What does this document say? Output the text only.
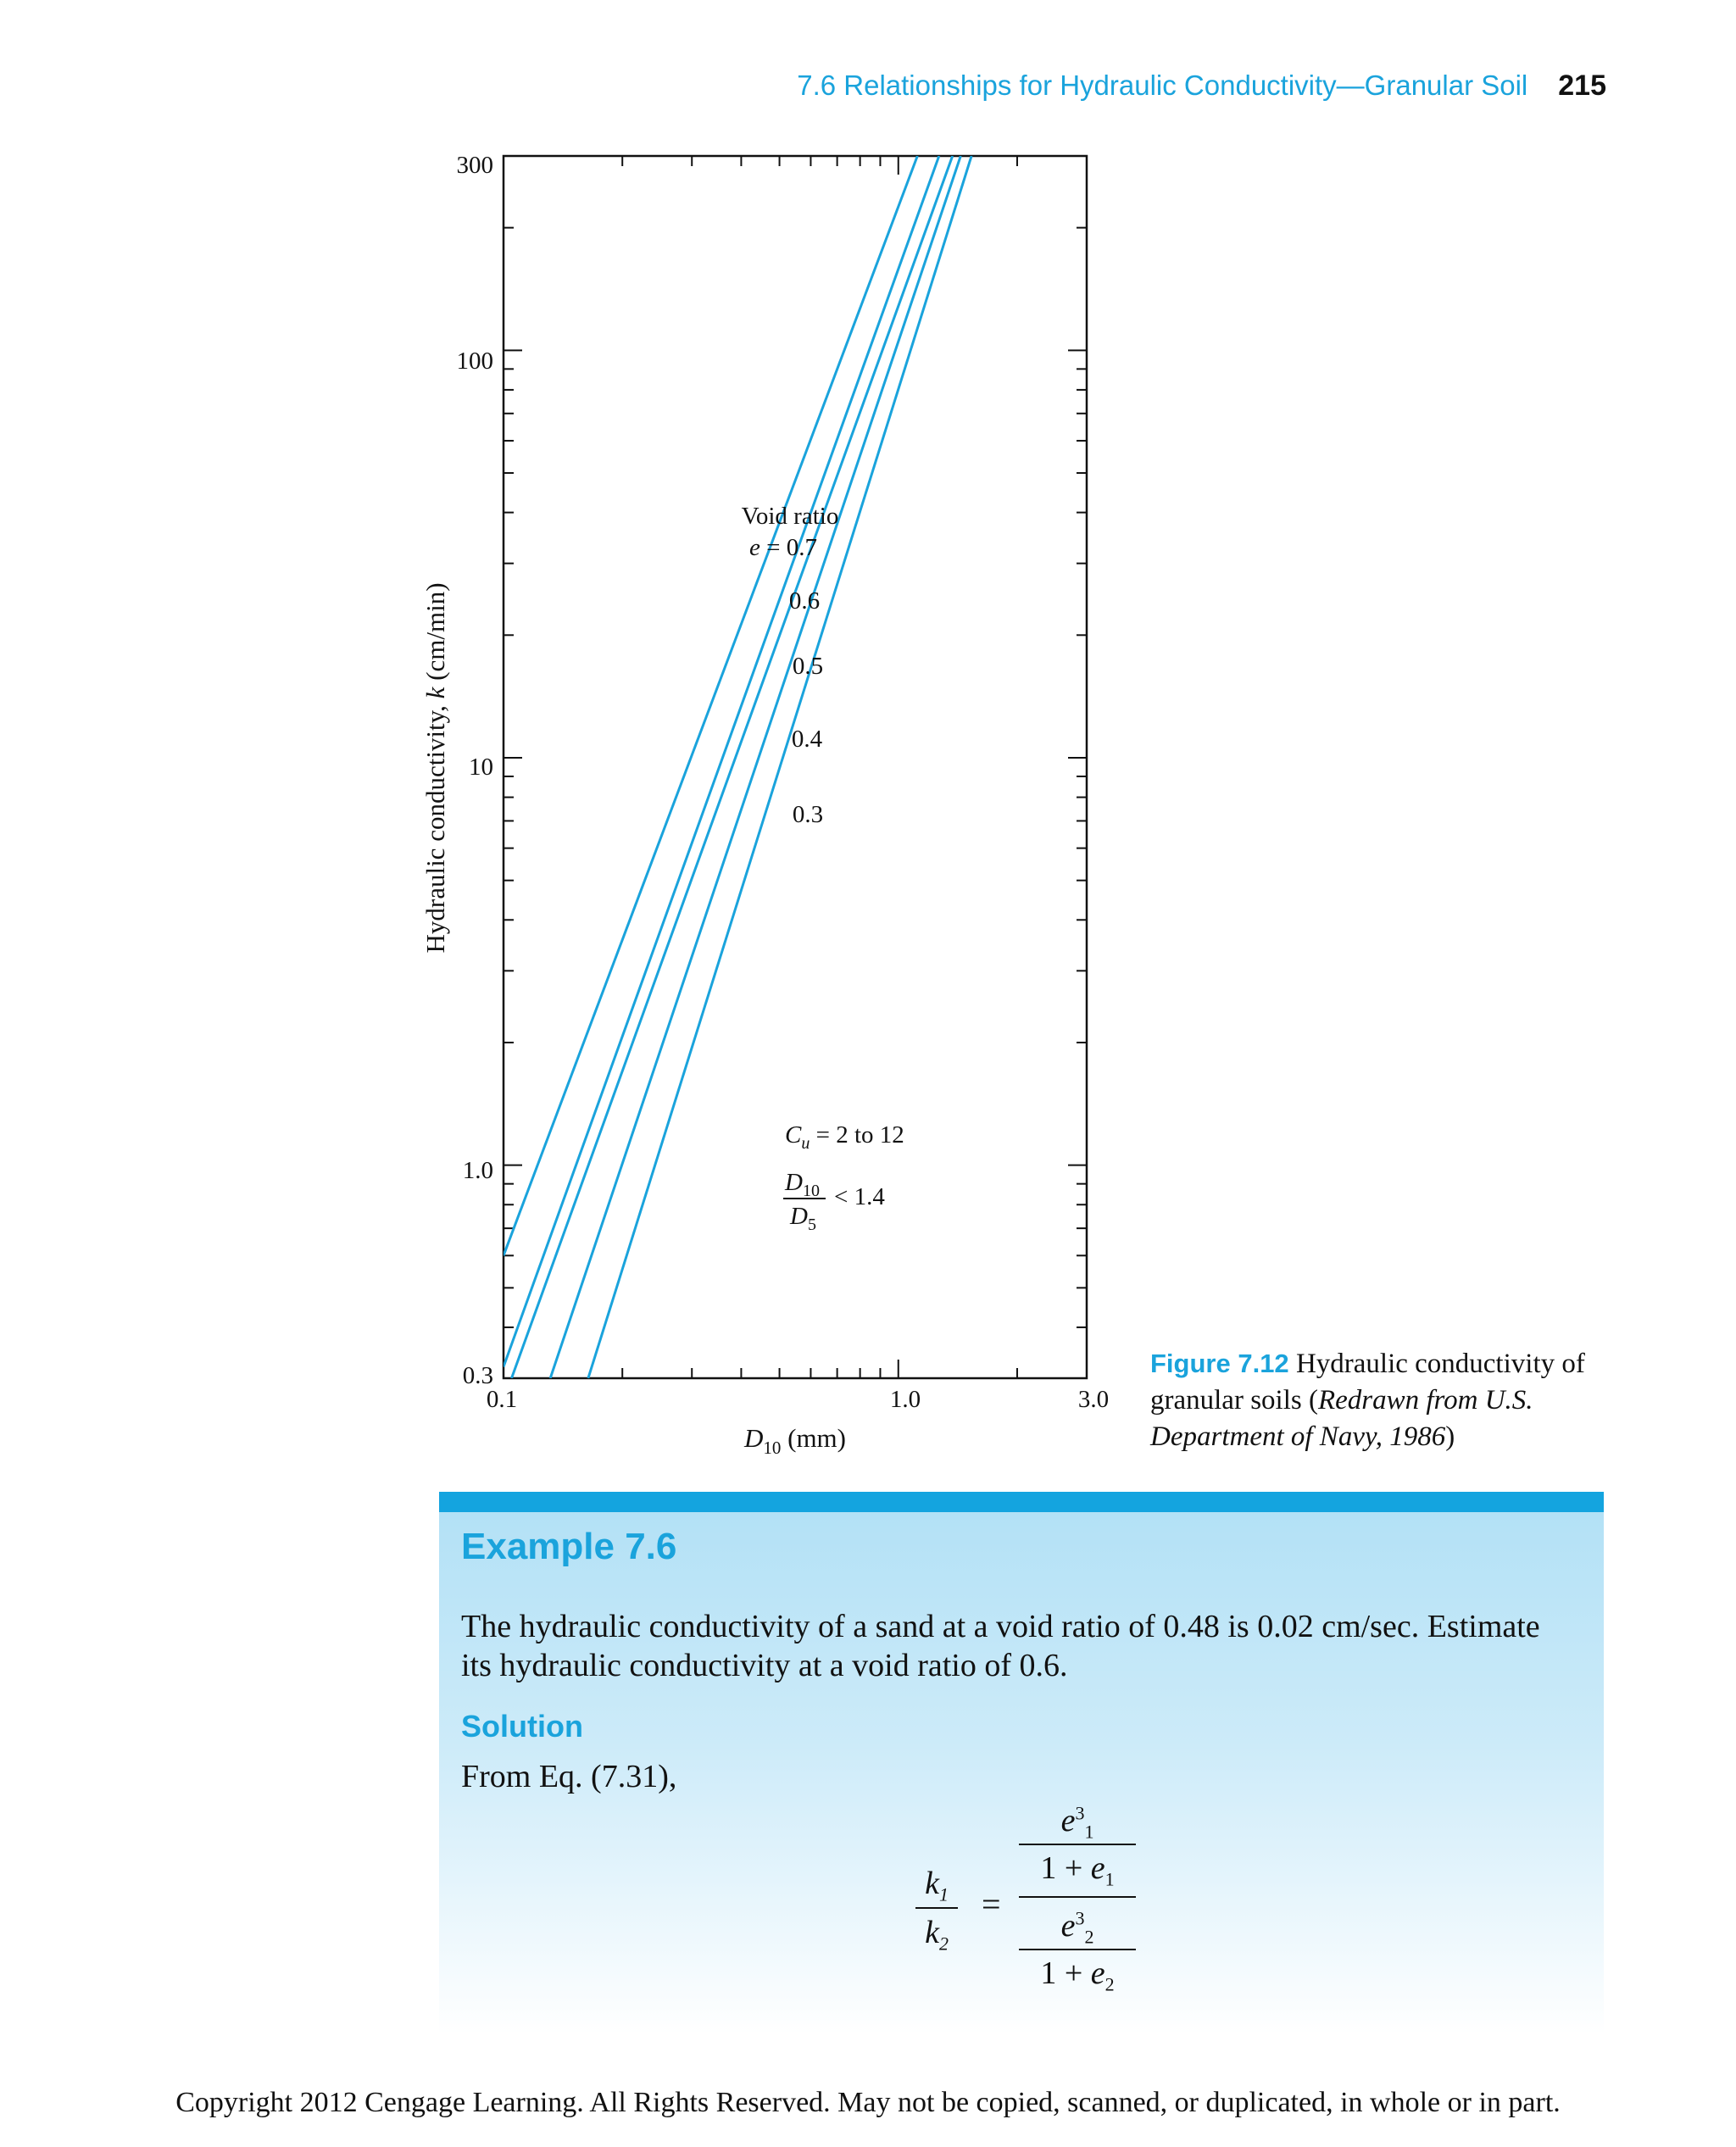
7.6 Relationships for Hydraulic Conductivity—Granular Soil 215
300
100
10
1.0
0.3
0.1	1.0	3.0
$D_{10}$ (mm)
Hydraulic conductivity, k (cm/min)
Void ratio
e = 0.7
0.6
0.5
0.4
0.3
$C_u = 2$ to 12
$D_{10}$
$D_5$
< 1.4
Figure 7.12 Hydraulic conductivity of granular soils (Redrawn from U.S. Department of Navy, 1986)
Example 7.6
The hydraulic conductivity of a sand at a void ratio of 0.48 is 0.02 cm/sec. Estimate its hydraulic conductivity at a void ratio of 0.6.
Solution
From Eq. (7.31),
$k_1$
$k_2$
=
$e^3_1$
$1 + e_1$
$e^3_2$
$1 + e_2$
Copyright 2012 Cengage Learning. All Rights Reserved. May not be copied, scanned, or duplicated, in whole or in part.
